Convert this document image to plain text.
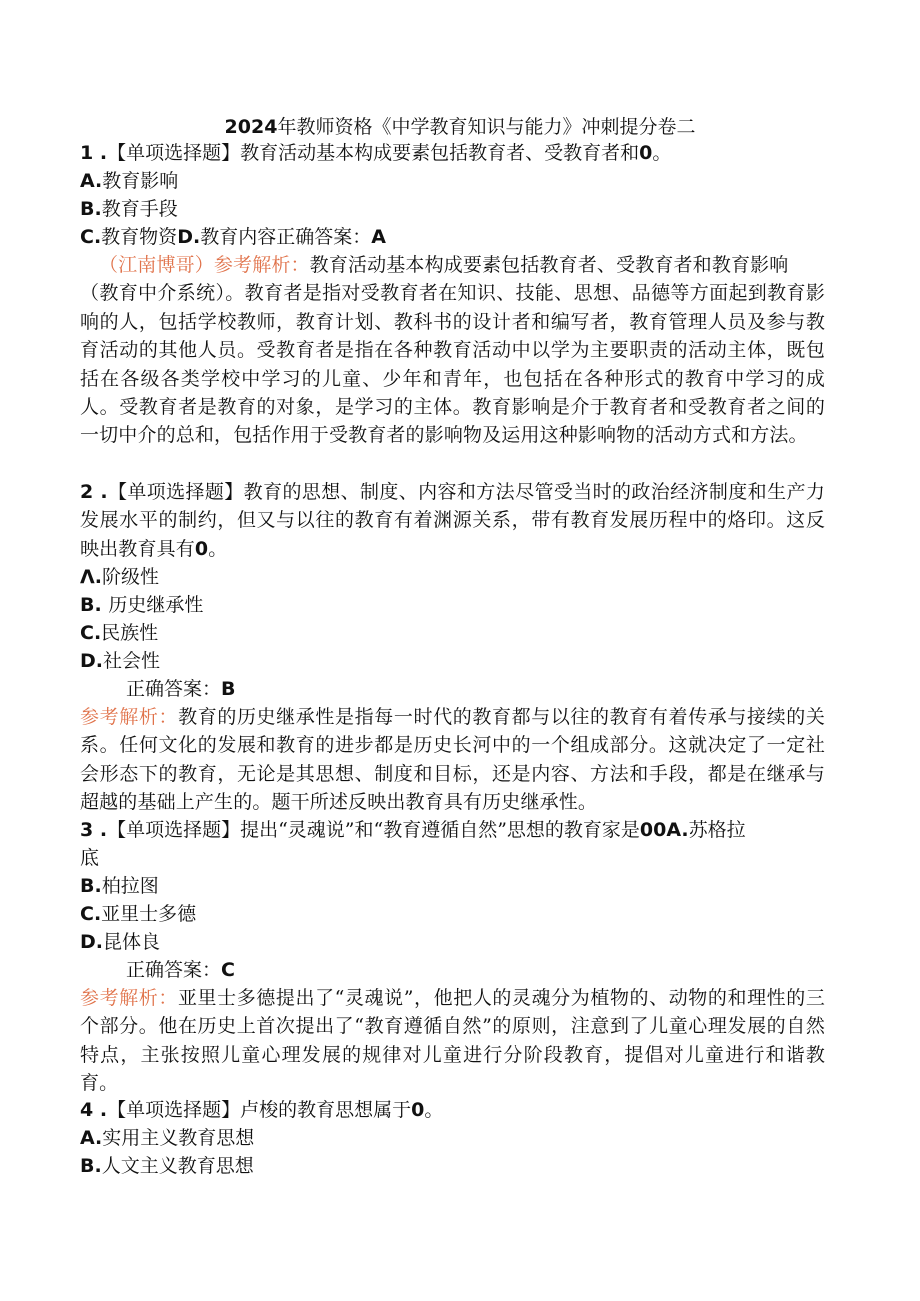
2024年教师资格《中学教育知识与能力》冲刺提分卷二
1 .【单项选择题】教育活动基本构成要素包括教育者、受教育者和0。
A.教育影响
B.教育手段
C.教育物资D.教育内容正确答案：A

（江南博哥）参考解析：教育活动基本构成要素包括教育者、受教育者和教育影响

（教育中介系统）。教育者是指对受教育者在知识、技能、思想、品德等方面起到教育影响的人，包括学校教师，教育计划、教科书的设计者和编写者，教育管理人员及参与教育活动的其他人员。受教育者是指在各种教育活动中以学为主要职责的活动主体，既包括在各级各类学校中学习的儿童、少年和青年，也包括在各种形式的教育中学习的成人。受教育者是教育的对象，是学习的主体。教育影响是介于教育者和受教育者之间的一切中介的总和，包括作用于受教育者的影响物及运用这种影响物的活动方式和方法。

2 .【单项选择题】教育的思想、制度、内容和方法尽管受当时的政治经济制度和生产力发展水平的制约，但又与以往的教育有着渊源关系，带有教育发展历程中的烙印。这反映出教育具有0。

Λ.阶级性
B. 历史继承性
C.民族性
D.社会性
正确答案：B

参考解析：教育的历史继承性是指每一时代的教育都与以往的教育有着传承与接续的关系。任何文化的发展和教育的进步都是历史长河中的一个组成部分。这就决定了一定社会形态下的教育，无论是其思想、制度和目标，还是内容、方法和手段，都是在继承与超越的基础上产生的。题干所述反映出教育具有历史继承性。

3 .【单项选择题】提出“灵魂说”和“教育遵循自然”思想的教育家是00A.苏格拉
底
B.柏拉图
C.亚里士多德
D.昆体良
正确答案：C

参考解析：亚里士多德提出了“灵魂说”，他把人的灵魂分为植物的、动物的和理性的三个部分。他在历史上首次提出了“教育遵循自然”的原则，注意到了儿童心理发展的自然特点，主张按照儿童心理发展的规律对儿童进行分阶段教育，提倡对儿童进行和谐教育。

4 .【单项选择题】卢梭的教育思想属于0。
A.实用主义教育思想
B.人文主义教育思想
